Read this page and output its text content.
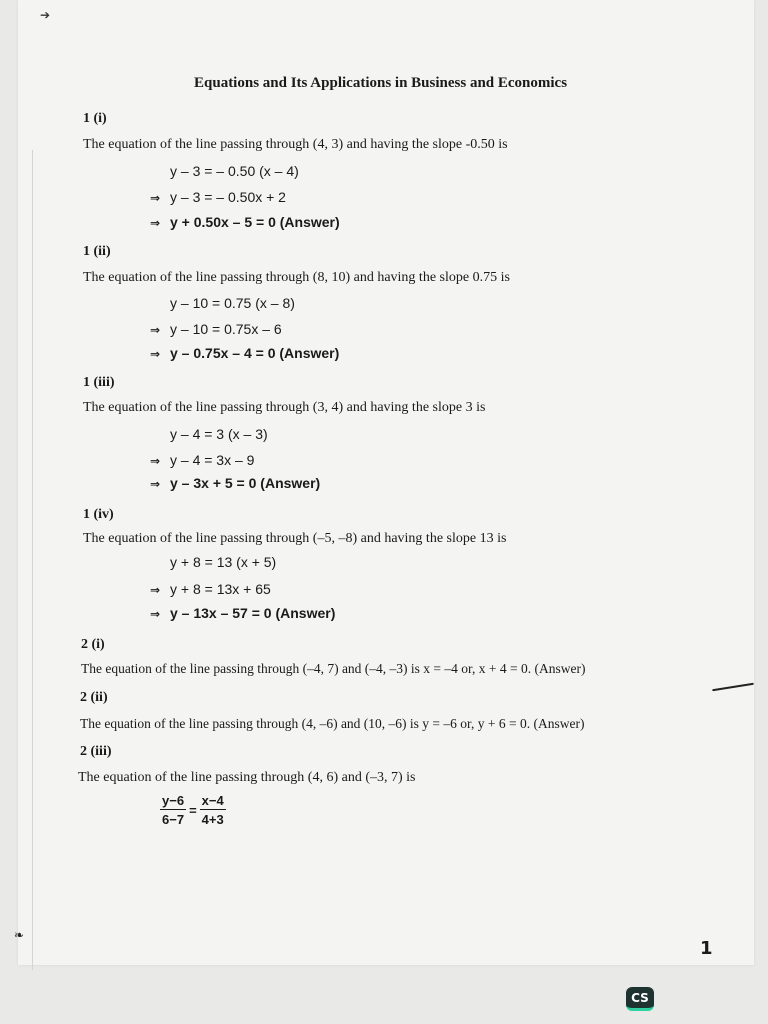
➔
❧
Equations and Its Applications in Business and Economics
1 (i)
The equation of the line passing through (4, 3) and having the slope -0.50 is
y – 3 = – 0.50 (x – 4)
⇒ y – 3 = – 0.50x + 2
⇒ y + 0.50x – 5 = 0 (Answer)
1 (ii)
The equation of the line passing through (8, 10) and having the slope 0.75 is
y – 10 = 0.75 (x – 8)
⇒ y – 10 = 0.75x – 6
⇒ y – 0.75x – 4 = 0 (Answer)
1 (iii)
The equation of the line passing through (3, 4) and having the slope 3 is
y – 4 = 3 (x – 3)
⇒ y – 4 = 3x – 9
⇒ y – 3x + 5 = 0 (Answer)
1 (iv)
The equation of the line passing through (–5, –8) and having the slope 13 is
y + 8 = 13 (x + 5)
⇒ y + 8 = 13x + 65
⇒ y – 13x – 57 = 0 (Answer)
2 (i)
The equation of the line passing through (–4, 7) and (–4, –3) is x = –4 or, x + 4 = 0. (Answer)
2 (ii)
The equation of the line passing through (4, –6) and (10, –6) is y = –6 or, y + 6 = 0. (Answer)
2 (iii)
The equation of the line passing through (4, 6) and (–3, 7) is
$\frac{y-6}{6-7} = \frac{x-4}{4+3}$
1
CS
